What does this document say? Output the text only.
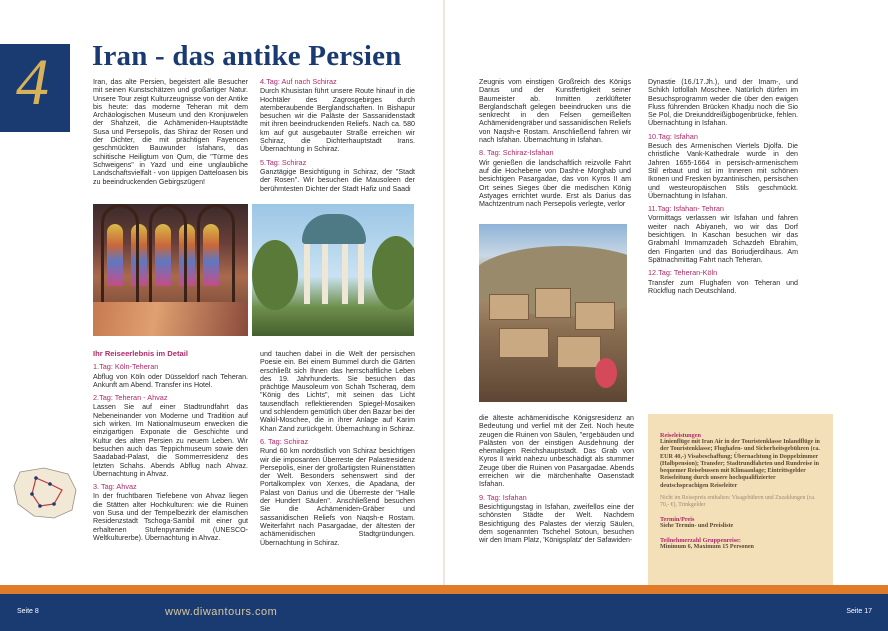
4 Iran - das antike Persien

Iran, das alte Persien, begeistert alle Besucher mit seinen Kunstschätzen und großartiger Natur. Unsere Tour zeigt Kulturzeugnisse von der Antike bis heute: das moderne Teheran mit dem Archäologischen Museum und den Kronjuwelen der Shahzeit, die Achämeniden-Hauptstädte Susa und Persepolis, das Shiraz der Rosen und der Dichter, die mit prächtigen Fayencen geschmückten Bauwunder Isfahans, das schiitische Heiligtum von Qum, die "Türme des Schweigens" in Yazd und eine unglaubliche Landschaftsvielfalt - von üppigen Datteloasen bis zu beeindruckenden Gebirgszügen!

4.Tag: Auf nach Schiraz

Durch Khusistan führt unsere Route hinauf in die Hochtäler des Zagrosgebirges durch atemberaubende Berglandschaften. In Bishapur besuchen wir die Paläste der Sassanidenstadt mit ihren beeindruckenden Reliefs. Nach ca. 580 km auf gut ausgebauter Straße erreichen wir Schiraz, die Dichterhauptstadt Irans. Übernachtung in Schiraz.

5.Tag: Schiraz

Ganztägige Besichtigung in Schiraz, der "Stadt der Rosen". Wir besuchen die Mausoleen der berühmtesten Dichter der Stadt Hafiz und Saadi

Ihr Reiseerlebnis im Detail
1.Tag: Köln-Teheran

Abflug von Köln oder Düsseldorf nach Teheran. Ankunft am Abend. Transfer ins Hotel.

2.Tag: Teheran - Ahvaz

Lassen Sie auf einer Stadtrundfahrt das Nebeneinander von Moderne und Tradition auf sich wirken. Im Nationalmuseum erwecken die einzigartigen Exponate die Geschichte und Kultur des alten Persien zu neuem Leben. Wir besuchen auch das Teppichmuseum sowie den Saadabad-Palast, die Sommerresidenz des letzten Schahs. Abends Abflug nach Ahvaz. Übernachtung in Ahvaz.

3. Tag: Ahvaz

In der fruchtbaren Tiefebene von Ahvaz liegen die Stätten alter Hochkulturen: wie die Ruinen von Susa und der Tempelbezirk der elamischen Residenzstadt Tschoga-Sambil mit einer gut erhaltenen Stufenpyramide (UNESCO-Weltkulturerbe). Übernachtung in Ahvaz.

und tauchen dabei in die Welt der persischen Poesie ein. Bei einem Bummel durch die Gärten erschließt sich Ihnen das herrschaftliche Leben des 19. Jahrhunderts. Sie besuchen das prächtige Mausoleum von Schah Tscheraq, dem "König des Lichts", mit seinen das Licht tausendfach reflektierenden Spiegel-Mosaiken und schlendern gemütlich über den Bazar bei der Wakil-Moschee, die in ihrer Anlage auf Karim Khan Zand zurückgeht. Übernachtung in Schiraz.

6. Tag: Schiraz

Rund 60 km nordöstlich von Schiraz besichtigen wir die imposanten Überreste der Palastresidenz Persepolis, einer der großartigsten Ruinenstätten der Welt. Besonders sehenswert sind der Portalkomplex von Xerxes, die Apadana, der Palast von Darius und die Überreste der "Halle der Hundert Säulen". Anschließend besuchen Sie die Achämeniden-Gräber und sassanidischen Reliefs von Naqsh-e Rostam. Weiterfahrt nach Pasargadae, der ältesten der achämenidischen Stadtgründungen. Übernachtung in Schiraz.

Zeugnis vom einstigen Großreich des Königs Darius und der Kunstfertigkeit seiner Baumeister ab. Inmitten zerklüfteter Berglandschaft gelegen beeindrucken uns die senkrecht in den Felsen gemeißelten Achämenidengräber und sassanidischen Reliefs von Naqsh-e Rostam. Anschließend fahren wir nach Isfahan. Übernachtung in Isfahan.

8. Tag: Schiraz-Isfahan

Wir genießen die landschaftlich reizvolle Fahrt auf die Hochebene von Dasht-e Morghab und besichtigen Pasargadae, das von Kyros II am Ort seines Sieges über die medischen König Astyages errichtet wurde. Erst als Darius das Machtzentrum nach Persepolis verlegte, verlor

Dynastie (16./17.Jh.), und der Imam-, und Schikh lotfollah Moschee. Natürlich dürfen im Besuchsprogramm weder die über den ewigen Fluss führenden Brücken Khadju noch die Sio Se Pol, die Dreiunddreißigbogenbrücke, fehlen. Übernachtung in Isfahan.

10.Tag: Isfahan

Besuch des Armenischen Viertels Djolfa. Die christliche Vank-Kathedrale wurde in den Jahren 1655-1664 in persisch-armenischem Stil erbaut und ist im Inneren mit schönen Ikonen und Fresken byzantinischen, persischen und westeuropäischen Stils geschmückt. Übernachtung in Isfahan.

11.Tag: Isfahan- Tehran

Vormittags verlassen wir Isfahan und fahren weiter nach Abiyaneh, wo wir das Dorf besichtigen. In Kaschan besuchen wir das Grabmahl Immamzadeh Schazdeh Ebrahim, den Fingarten und das Boriudjerdihaus. Am Spätnachmittag Fahrt nach Teheran.

12.Tag: Teheran-Köln

Transfer zum Flughafen von Teheran und Rückflug nach Deutschland.

die älteste achämenidische Königsresidenz an Bedeutung und verfiel mit der Zeit. Noch heute zeugen die Ruinen von Säulen, "ergebäuden und Palästen von der einstigen Ausdehnung der ehemaligen Reichshauptstadt. Das Grab von Kyros II wirkt nahezu unbeschädigt als stummer Zeuge über die Ruinen von Pasargadae. Abends erreichen wir die märchenhafte Oasenstadt Isfahan.

9. Tag: Isfahan

Besichtigungstag in Isfahan, zweifellos eine der schönsten Städte der Welt. Nachdem Besichtigung des Palastes der vierzig Säulen, dem sogenannten Tschehel Sotoun, besuchen wir den Imam Platz, 'Königsplatz' der Safawiden-

Reiseleistungen
Linienflüge mit Iran Air in der Touristenklasse Inlandflüge in der Touristenklasse; Flughafen- und Sicherheitsgebühren (ca. EUR 40,-) Visabeschaffung; Übernachtung in Doppelzimmer (Halbpension); Transfer; Stadtrundfahrten und Rundreise in bequemer Reisebussen mit Klimaanlage; Eintrittsgelder Reiseleitung durch unsere hochqualifizierter deutschsprachigen Reiseleiter
Nicht im Reisepreis enthalten: Visagebühren und Zuzahlungen (ca. 70,- €), Trinkgelder
Termin/Preis
Siehe Termin- und Preisliste
Teilnehmerzahl Gruppenreise:
Minimum 6, Maximum 15 Personen
Seite 8	www.diwantours.com	Seite 17
